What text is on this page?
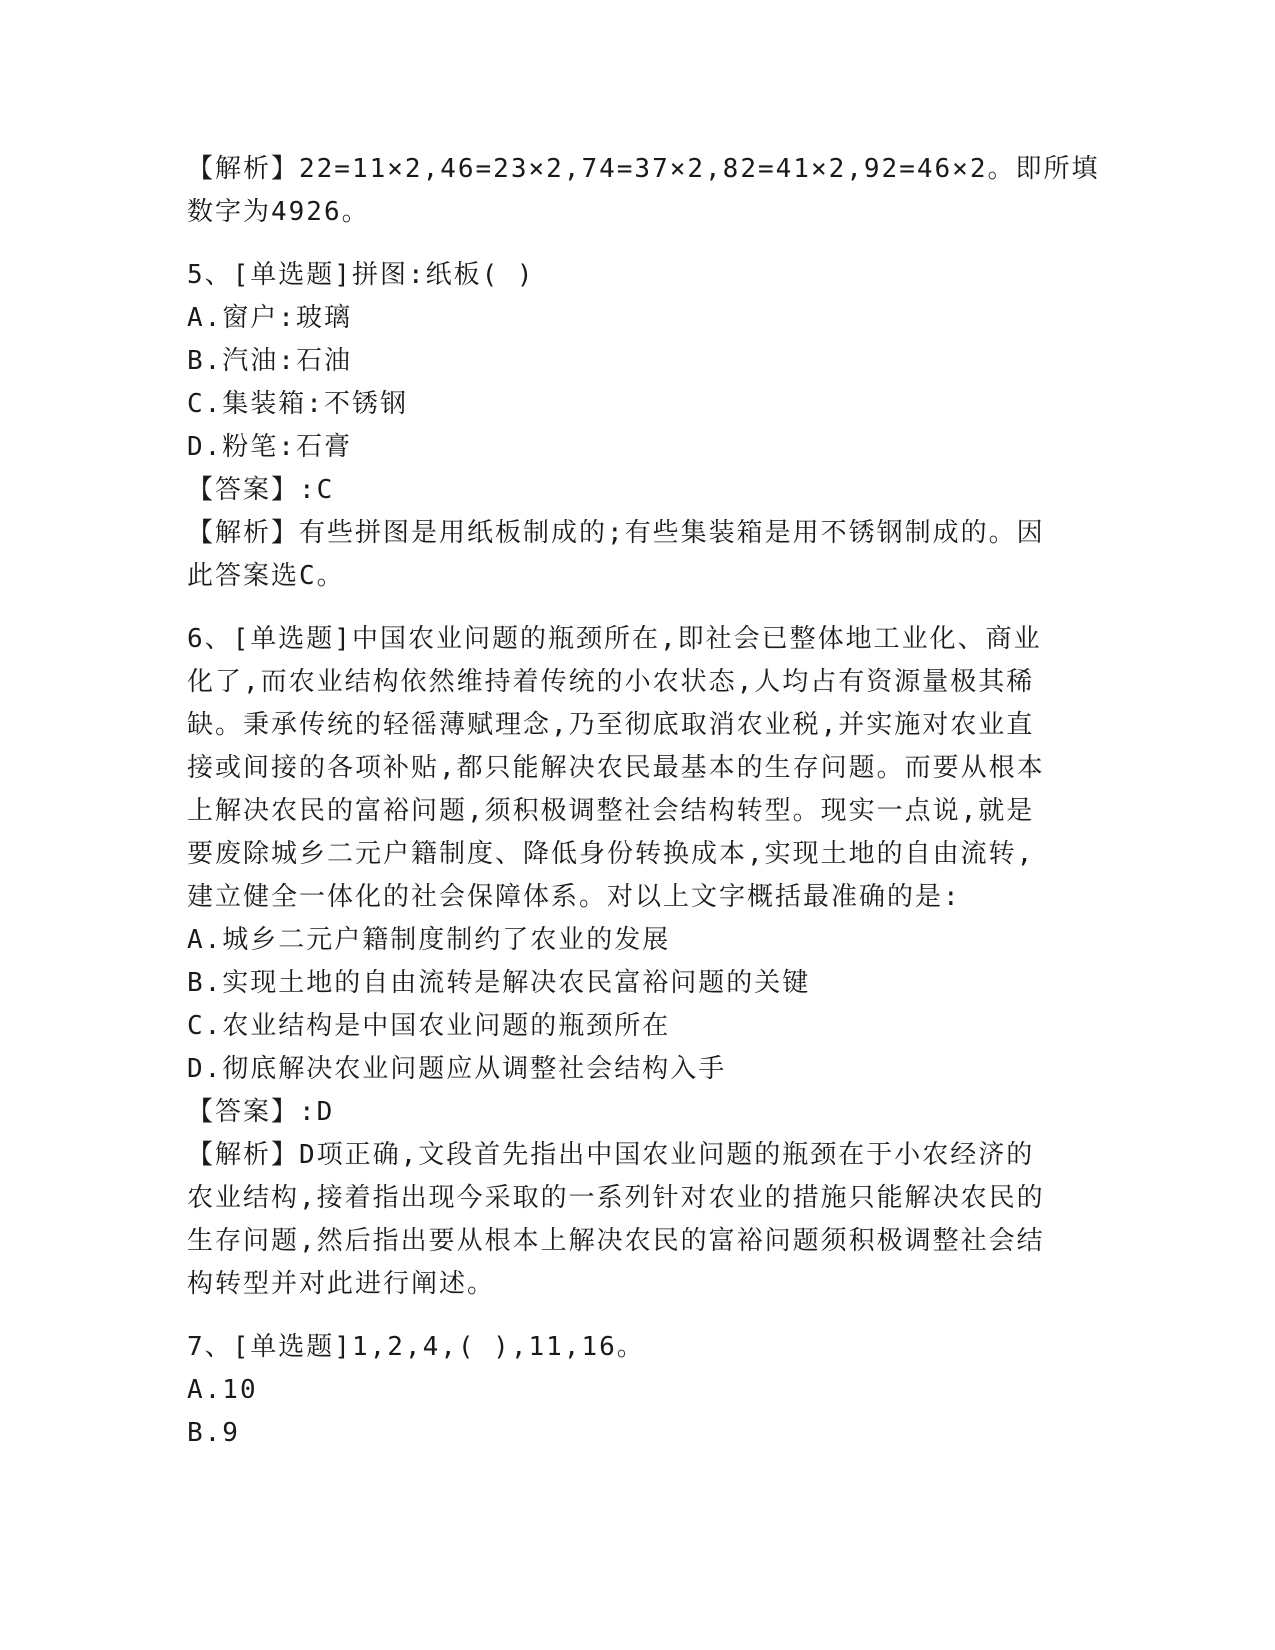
【解析】22=11×2,46=23×2,74=37×2,82=41×2,92=46×2。即所填
数字为4926。
5、[单选题]拼图:纸板( )
A.窗户:玻璃
B.汽油:石油
C.集装箱:不锈钢
D.粉笔:石膏
【答案】:C
【解析】有些拼图是用纸板制成的;有些集装箱是用不锈钢制成的。因
此答案选C。
6、[单选题]中国农业问题的瓶颈所在,即社会已整体地工业化、商业
化了,而农业结构依然维持着传统的小农状态,人均占有资源量极其稀
缺。秉承传统的轻徭薄赋理念,乃至彻底取消农业税,并实施对农业直
接或间接的各项补贴,都只能解决农民最基本的生存问题。而要从根本
上解决农民的富裕问题,须积极调整社会结构转型。现实一点说,就是
要废除城乡二元户籍制度、降低身份转换成本,实现土地的自由流转,
建立健全一体化的社会保障体系。对以上文字概括最准确的是:
A.城乡二元户籍制度制约了农业的发展
B.实现土地的自由流转是解决农民富裕问题的关键
C.农业结构是中国农业问题的瓶颈所在
D.彻底解决农业问题应从调整社会结构入手
【答案】:D
【解析】D项正确,文段首先指出中国农业问题的瓶颈在于小农经济的
农业结构,接着指出现今采取的一系列针对农业的措施只能解决农民的
生存问题,然后指出要从根本上解决农民的富裕问题须积极调整社会结
构转型并对此进行阐述。
7、[单选题]1,2,4,( ),11,16。
A.10
B.9
